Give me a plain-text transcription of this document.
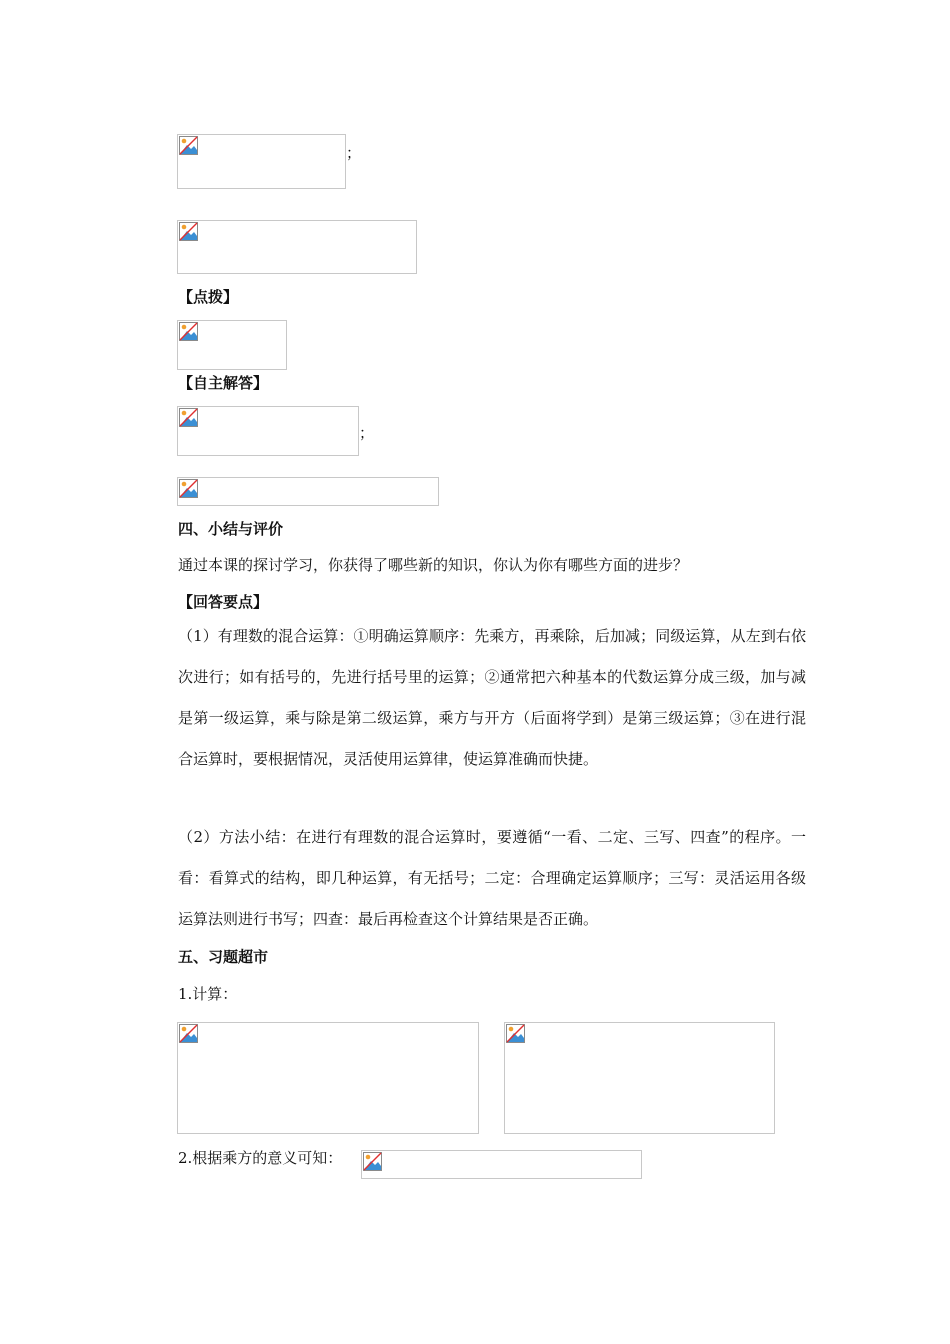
；
【点拨】
【自主解答】
；
四、小结与评价
通过本课的探讨学习，你获得了哪些新的知识，你认为你有哪些方面的进步？
【回答要点】
（1）有理数的混合运算：①明确运算顺序：先乘方，再乘除，后加减；同级运算，从左到右依次进行；如有括号的，先进行括号里的运算；②通常把六种基本的代数运算分成三级，加与减是第一级运算，乘与除是第二级运算，乘方与开方（后面将学到）是第三级运算；③在进行混合运算时，要根据情况，灵活使用运算律，使运算准确而快捷。
（2）方法小结：在进行有理数的混合运算时，要遵循“一看、二定、三写、四查”的程序。一看：看算式的结构，即几种运算，有无括号；二定：合理确定运算顺序；三写：灵活运用各级运算法则进行书写；四查：最后再检查这个计算结果是否正确。
五、习题超市
1.计算：
2.根据乘方的意义可知：
